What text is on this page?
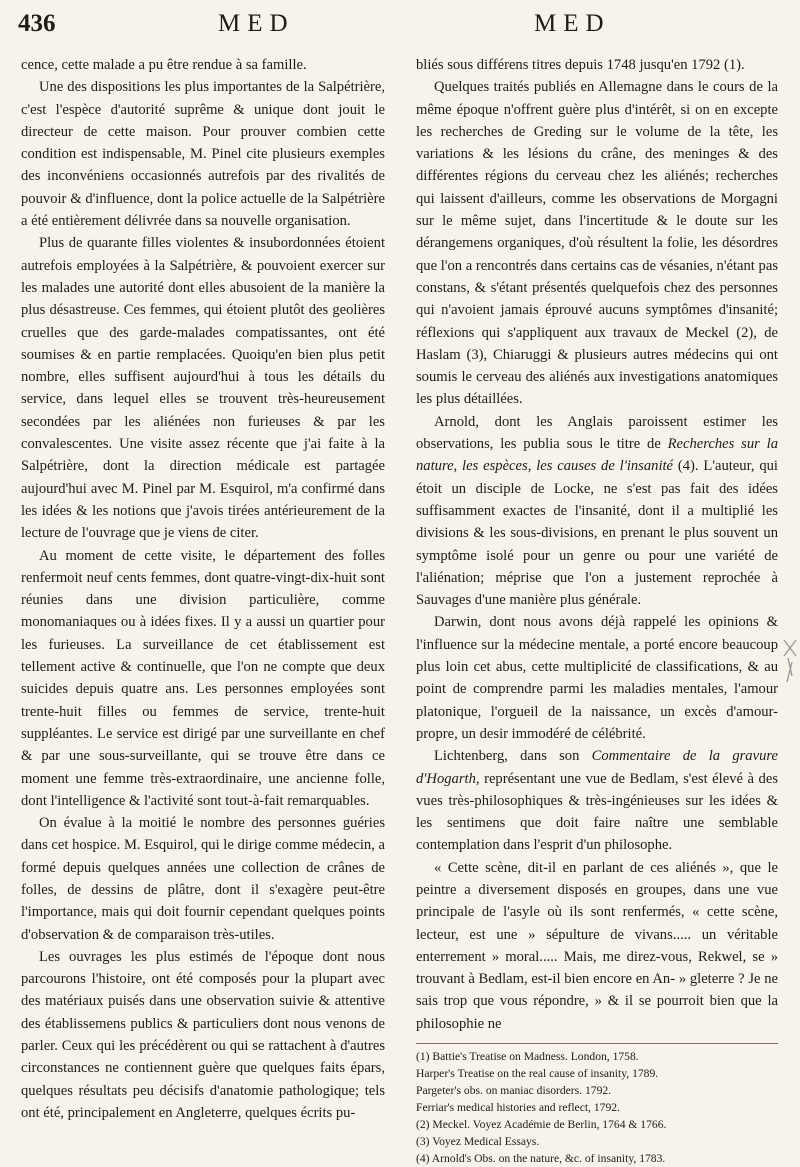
436	MED	MED

cence, cette malade a pu être rendue à sa famille.

Une des dispositions les plus importantes de la Salpétrière, c'est l'espèce d'autorité suprême & unique dont jouit le directeur de cette maison. Pour prouver combien cette condition est indispensable, M. Pinel cite plusieurs exemples des inconvéniens occasionnés autrefois par des rivalités de pouvoir & d'influence, dont la police actuelle de la Salpétrière a été entièrement délivrée dans sa nouvelle organisation.

Plus de quarante filles violentes & insubordonnées étoient autrefois employées à la Salpétrière, & pouvoient exercer sur les malades une autorité dont elles abusoient de la manière la plus désastreuse. Ces femmes, qui étoient plutôt des geolières cruelles que des garde-malades compatissantes, ont été soumises & en partie remplacées. Quoiqu'en bien plus petit nombre, elles suffisent aujourd'hui à tous les détails du service, dans lequel elles se trouvent très-heureusement secondées par les aliénées non furieuses & par les convalescentes. Une visite assez récente que j'ai faite à la Salpétrière, dont la direction médicale est partagée aujourd'hui avec M. Pinel par M. Esquirol, m'a confirmé dans les idées & les notions que j'avois tirées antérieurement de la lecture de l'ouvrage que je viens de citer.

Au moment de cette visite, le département des folles renfermoit neuf cents femmes, dont quatre-vingt-dix-huit sont réunies dans une division particulière, comme monomaniaques ou à idées fixes. Il y a aussi un quartier pour les furieuses. La surveillance de cet établissement est tellement active & continuelle, que l'on ne compte que deux suicides depuis quatre ans. Les personnes employées sont trente-huit filles ou femmes de service, trente-huit suppléantes. Le service est dirigé par une surveillante en chef & par une sous-surveillante, qui se trouve être dans ce moment une femme très-extraordinaire, une ancienne folle, dont l'intelligence & l'activité sont tout-à-fait remarquables.

On évalue à la moitié le nombre des personnes guéries dans cet hospice. M. Esquirol, qui le dirige comme médecin, a formé depuis quelques années une collection de crânes de folles, de dessins de plâtre, dont il s'exagère peut-être l'importance, mais qui doit fournir cependant quelques points d'observation & de comparaison très-utiles.

Les ouvrages les plus estimés de l'époque dont nous parcourons l'histoire, ont été composés pour la plupart avec des matériaux puisés dans une observation suivie & attentive des établissemens publics & particuliers dont nous venons de parler. Ceux qui les précédèrent ou qui se rattachent à d'autres circonstances ne contiennent guère que quelques faits épars, quelques résultats peu décisifs d'anatomie pathologique; tels ont été, principalement en Angleterre, quelques écrits pu-

bliés sous différens titres depuis 1748 jusqu'en 1792 (1).

Quelques traités publiés en Allemagne dans le cours de la même époque n'offrent guère plus d'intérêt, si on en excepte les recherches de Greding sur le volume de la tête, les variations & les lésions du crâne, des meninges & des différentes régions du cerveau chez les aliénés; recherches qui laissent d'ailleurs, comme les observations de Morgagni sur le même sujet, dans l'incertitude & le doute sur les dérangemens organiques, d'où résultent la folie, les désordres que l'on a rencontrés dans certains cas de vésanies, n'étant pas constans, & s'étant présentés quelquefois chez des personnes qui n'avoient jamais éprouvé aucuns symptômes d'insanité; réflexions qui s'appliquent aux travaux de Meckel (2), de Haslam (3), Chiaruggi & plusieurs autres médecins qui ont soumis le cerveau des aliénés aux investigations anatomiques les plus détaillées.

Arnold, dont les Anglais paroissent estimer les observations, les publia sous le titre de Recherches sur la nature, les espèces, les causes de l'insanité (4). L'auteur, qui étoit un disciple de Locke, ne s'est pas fait des idées suffisamment exactes de l'insanité, dont il a multiplié les divisions & les sous-divisions, en prenant le plus souvent un symptôme isolé pour un genre ou pour une variété de l'aliénation; méprise que l'on a justement reprochée à Sauvages d'une manière plus générale.

Darwin, dont nous avons déjà rappelé les opinions & l'influence sur la médecine mentale, a porté encore beaucoup plus loin cet abus, cette multiplicité de classifications, & au point de comprendre parmi les maladies mentales, l'amour platonique, l'orgueil de la naissance, un excès d'amour-propre, un desir immodéré de célébrité.

Lichtenberg, dans son Commentaire de la gravure d'Hogarth, représentant une vue de Bedlam, s'est élevé à des vues très-philosophiques & très-ingénieuses sur les idées & les sentimens que doit faire naître une semblable contemplation dans l'esprit d'un philosophe.

« Cette scène, dit-il en parlant de ces aliénés », que le peintre a diversement disposés en groupes, dans une vue principale de l'asyle où ils sont renfermés, « cette scène, lecteur, est une » sépulture de vivans..... un véritable enterrement » moral..... Mais, me direz-vous, Rekwel, se » trouvant à Bedlam, est-il bien encore en An- » gleterre ? Je ne sais trop que vous répondre, » & il se pourroit bien que la philosophie ne

(1) Battie's Treatise on Madness. London, 1758.
Harper's Treatise on the real cause of insanity, 1789.
Pargeter's obs. on maniac disorders. 1792.
Ferriar's medical histories and reflect, 1792.
(2) Meckel. Voyez Académie de Berlin, 1764 & 1766.
(3) Voyez Medical Essays.
(4) Arnold's Obs. on the nature, &c. of insanity, 1783.
